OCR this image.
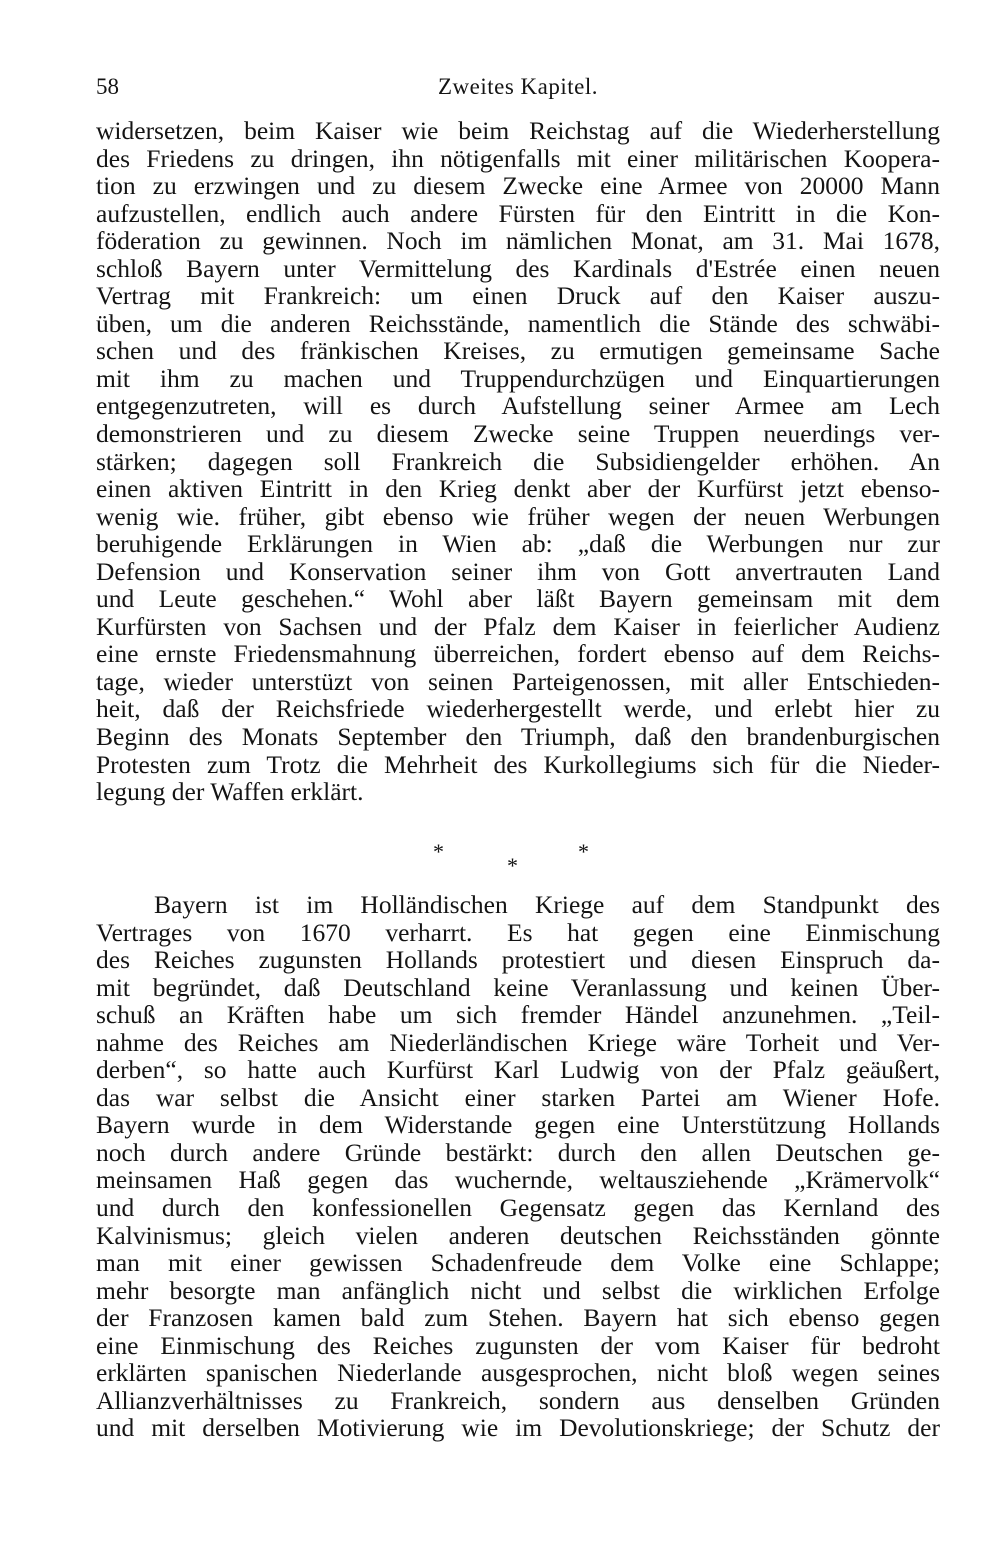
58	Zweites Kapitel.
widersetzen, beim Kaiser wie beim Reichstag auf die Wiederherstellung
des Friedens zu dringen, ihn nötigenfalls mit einer militärischen Koopera-
tion zu erzwingen und zu diesem Zwecke eine Armee von 20000 Mann
aufzustellen, endlich auch andere Fürsten für den Eintritt in die Kon-
föderation zu gewinnen. Noch im nämlichen Monat, am 31. Mai 1678,
schloß Bayern unter Vermittelung des Kardinals d'Estrée einen neuen
Vertrag mit Frankreich: um einen Druck auf den Kaiser auszu-
üben, um die anderen Reichsstände, namentlich die Stände des schwäbi-
schen und des fränkischen Kreises, zu ermutigen gemeinsame Sache
mit ihm zu machen und Truppendurchzügen und Einquartierungen
entgegenzutreten, will es durch Aufstellung seiner Armee am Lech
demonstrieren und zu diesem Zwecke seine Truppen neuerdings ver-
stärken; dagegen soll Frankreich die Subsidiengelder erhöhen. An
einen aktiven Eintritt in den Krieg denkt aber der Kurfürst jetzt ebenso-
wenig wie. früher, gibt ebenso wie früher wegen der neuen Werbungen
beruhigende Erklärungen in Wien ab: „daß die Werbungen nur zur
Defension und Konservation seiner ihm von Gott anvertrauten Land
und Leute geschehen.“ Wohl aber läßt Bayern gemeinsam mit dem
Kurfürsten von Sachsen und der Pfalz dem Kaiser in feierlicher Audienz
eine ernste Friedensmahnung überreichen, fordert ebenso auf dem Reichs-
tage, wieder unterstüzt von seinen Parteigenossen, mit aller Entschieden-
heit, daß der Reichsfriede wiederhergestellt werde, und erlebt hier zu
Beginn des Monats September den Triumph, daß den brandenburgischen
Protesten zum Trotz die Mehrheit des Kurkollegiums sich für die Nieder-
legung der Waffen erklärt.
*
*
*
Bayern ist im Holländischen Kriege auf dem Standpunkt des
Vertrages von 1670 verharrt. Es hat gegen eine Einmischung
des Reiches zugunsten Hollands protestiert und diesen Einspruch da-
mit begründet, daß Deutschland keine Veranlassung und keinen Über-
schuß an Kräften habe um sich fremder Händel anzunehmen. „Teil-
nahme des Reiches am Niederländischen Kriege wäre Torheit und Ver-
derben“, so hatte auch Kurfürst Karl Ludwig von der Pfalz geäußert,
das war selbst die Ansicht einer starken Partei am Wiener Hofe.
Bayern wurde in dem Widerstande gegen eine Unterstützung Hollands
noch durch andere Gründe bestärkt: durch den allen Deutschen ge-
meinsamen Haß gegen das wuchernde, weltausziehende „Krämervolk“
und durch den konfessionellen Gegensatz gegen das Kernland des
Kalvinismus; gleich vielen anderen deutschen Reichsständen gönnte
man mit einer gewissen Schadenfreude dem Volke eine Schlappe;
mehr besorgte man anfänglich nicht und selbst die wirklichen Erfolge
der Franzosen kamen bald zum Stehen. Bayern hat sich ebenso gegen
eine Einmischung des Reiches zugunsten der vom Kaiser für bedroht
erklärten spanischen Niederlande ausgesprochen, nicht bloß wegen seines
Allianzverhältnisses zu Frankreich, sondern aus denselben Gründen
und mit derselben Motivierung wie im Devolutionskriege; der Schutz der
